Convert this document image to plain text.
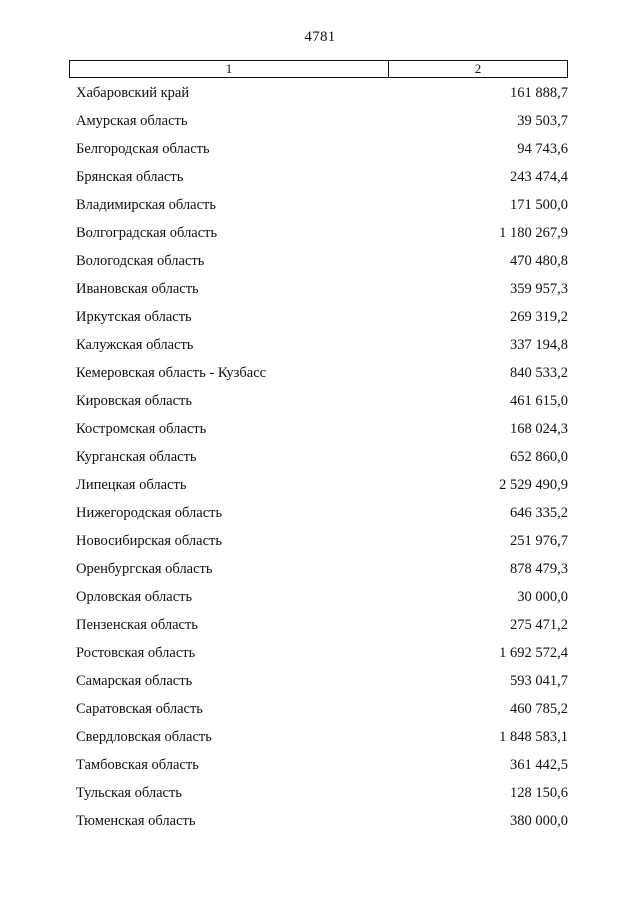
4781
1	2
Хабаровский край	161 888,7
Амурская область	39 503,7
Белгородская область	94 743,6
Брянская область	243 474,4
Владимирская область	171 500,0
Волгоградская область	1 180 267,9
Вологодская область	470 480,8
Ивановская область	359 957,3
Иркутская область	269 319,2
Калужская область	337 194,8
Кемеровская область - Кузбасс	840 533,2
Кировская область	461 615,0
Костромская область	168 024,3
Курганская область	652 860,0
Липецкая область	2 529 490,9
Нижегородская область	646 335,2
Новосибирская область	251 976,7
Оренбургская область	878 479,3
Орловская область	30 000,0
Пензенская область	275 471,2
Ростовская область	1 692 572,4
Самарская область	593 041,7
Саратовская область	460 785,2
Свердловская область	1 848 583,1
Тамбовская область	361 442,5
Тульская область	128 150,6
Тюменская область	380 000,0
